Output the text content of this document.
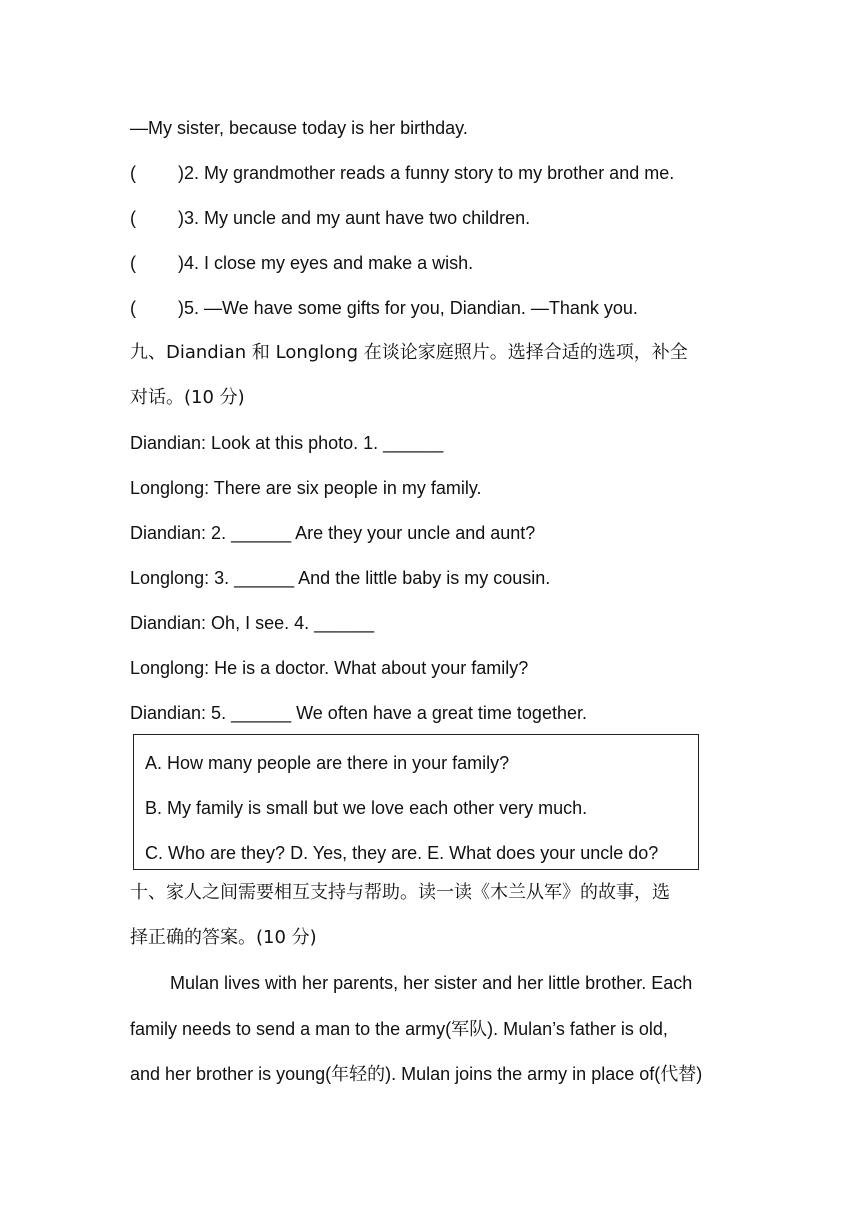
—My sister, because today is her birthday.
( )2. My grandmother reads a funny story to my brother and me.
( )3. My uncle and my aunt have two children.
( )4. I close my eyes and make a wish.
( )5. —We have some gifts for you, Diandian. —Thank you.
九、Diandian 和 Longlong 在谈论家庭照片。选择合适的选项，补全
对话。(10 分)
Diandian: Look at this photo. 1. ______
Longlong: There are six people in my family.
Diandian: 2. ______ Are they your uncle and aunt?
Longlong: 3. ______ And the little baby is my cousin.
Diandian: Oh, I see. 4. ______
Longlong: He is a doctor. What about your family?
Diandian: 5. ______ We often have a great time together.
A. How many people are there in your family?
B. My family is small but we love each other very much.
C. Who are they? D. Yes, they are. E. What does your uncle do?
十、家人之间需要相互支持与帮助。读一读《木兰从军》的故事，选
择正确的答案。(10 分)
Mulan lives with her parents, her sister and her little brother. Each
family needs to send a man to the army(军队). Mulan’s father is old,
and her brother is young(年轻的). Mulan joins the army in place of(代替)
